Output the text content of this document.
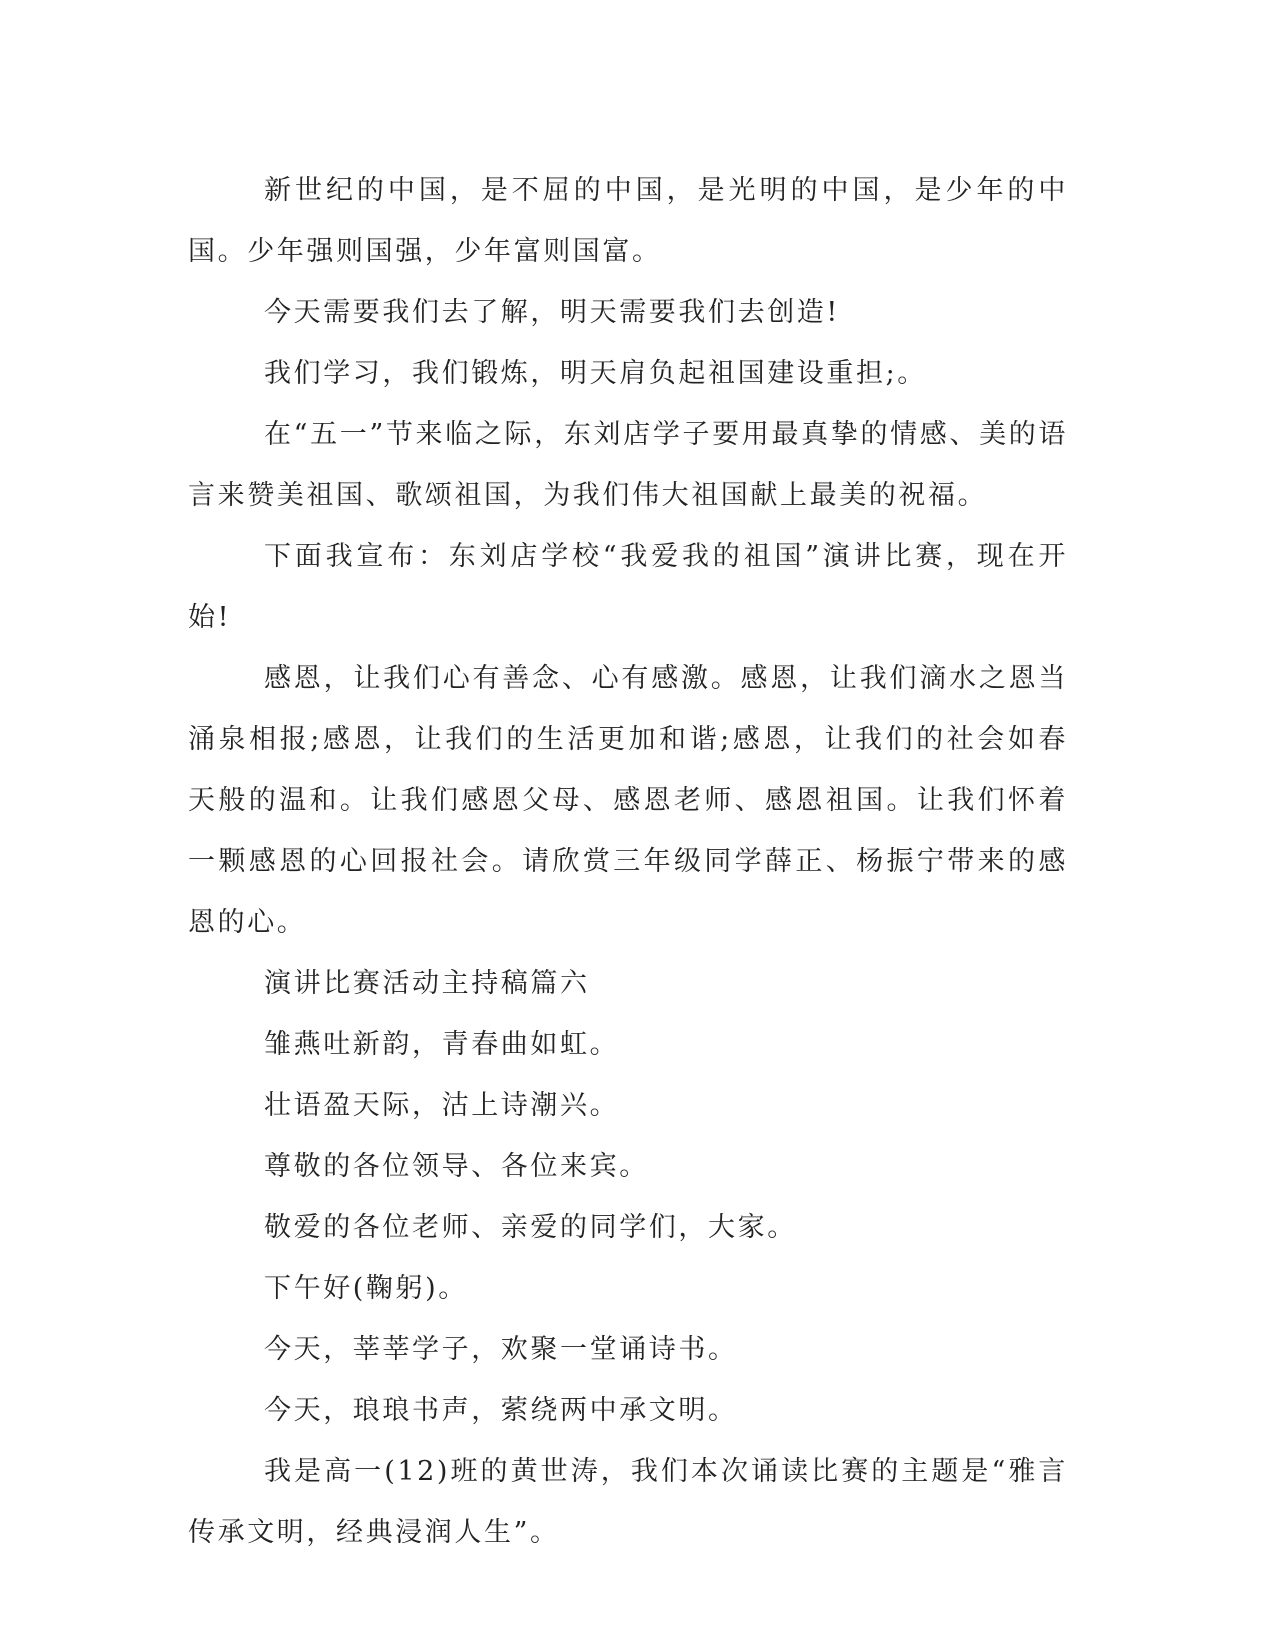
新世纪的中国，是不屈的中国，是光明的中国，是少年的中国。少年强则国强，少年富则国富。

今天需要我们去了解，明天需要我们去创造!

我们学习，我们锻炼，明天肩负起祖国建设重担;。

在“五一”节来临之际，东刘店学子要用最真挚的情感、美的语言来赞美祖国、歌颂祖国，为我们伟大祖国献上最美的祝福。

下面我宣布：东刘店学校“我爱我的祖国”演讲比赛，现在开始!

感恩，让我们心有善念、心有感激。感恩，让我们滴水之恩当涌泉相报;感恩，让我们的生活更加和谐;感恩，让我们的社会如春天般的温和。让我们感恩父母、感恩老师、感恩祖国。让我们怀着一颗感恩的心回报社会。请欣赏三年级同学薛正、杨振宁带来的感恩的心。

演讲比赛活动主持稿篇六

雏燕吐新韵，青春曲如虹。

壮语盈天际，沽上诗潮兴。

尊敬的各位领导、各位来宾。

敬爱的各位老师、亲爱的同学们，大家。

下午好(鞠躬)。

今天，莘莘学子，欢聚一堂诵诗书。

今天，琅琅书声，萦绕两中承文明。

我是高一(12)班的黄世涛，我们本次诵读比赛的主题是“雅言传承文明，经典浸润人生”。
